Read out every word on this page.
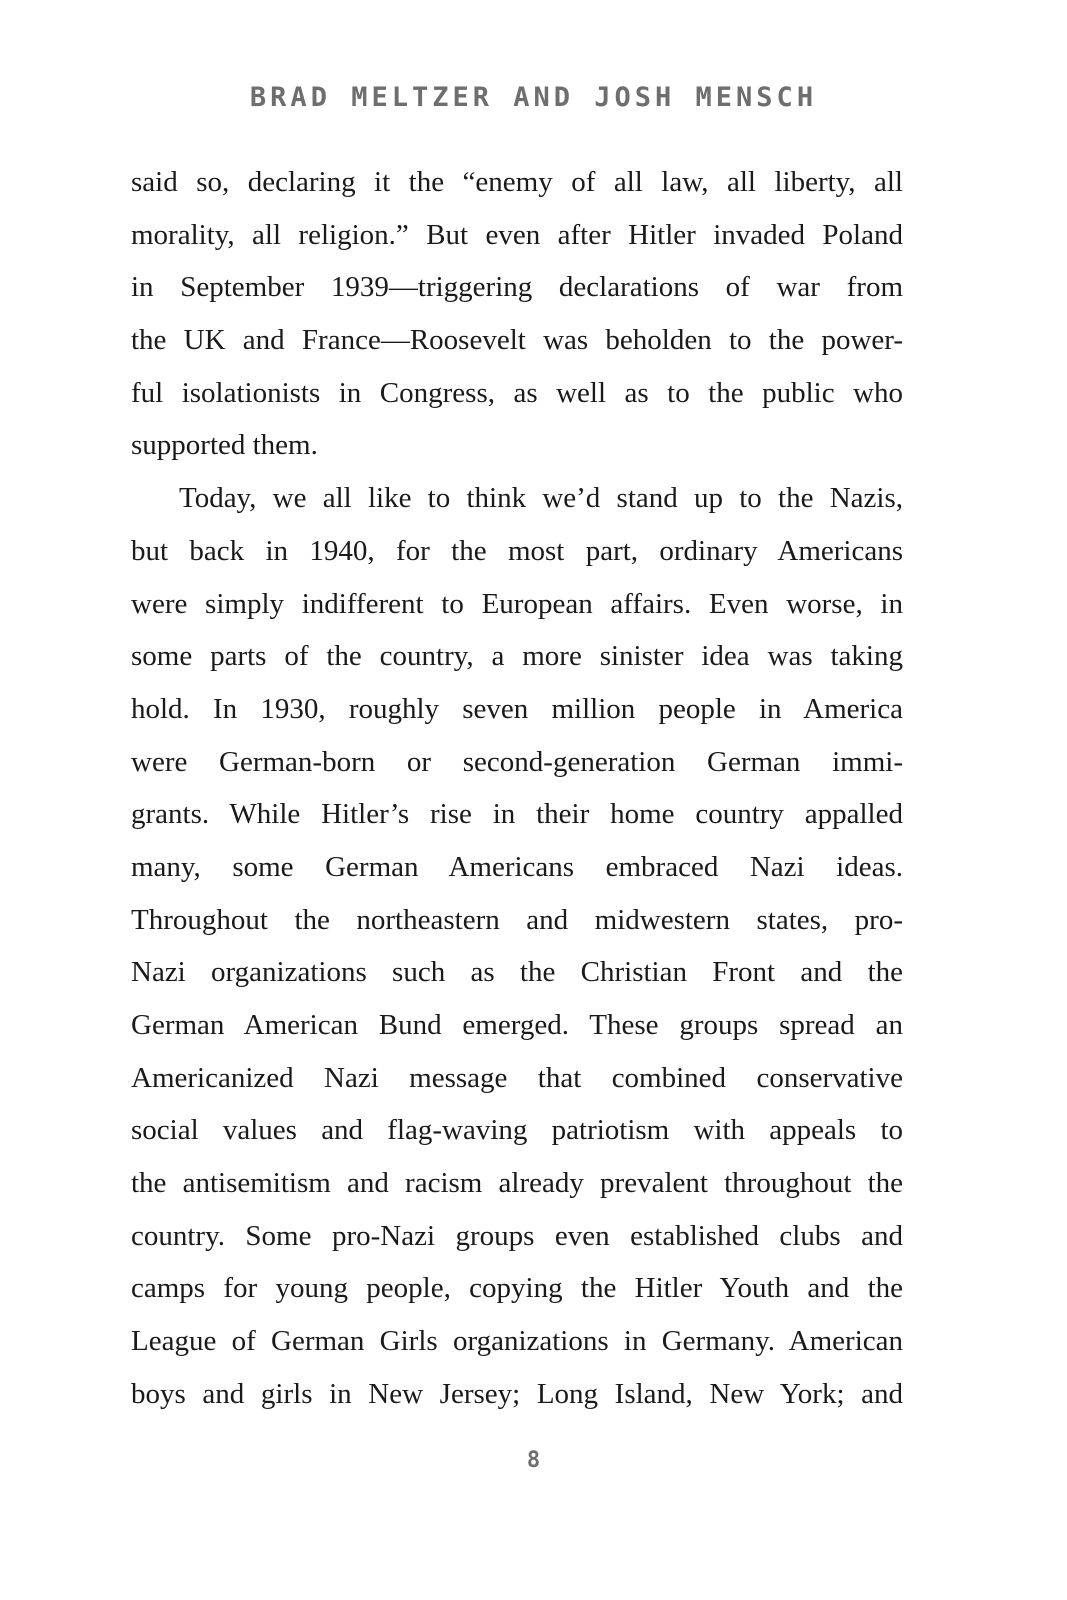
BRAD MELTZER AND JOSH MENSCH
said so, declaring it the “enemy of all law, all liberty, all
morality, all religion.” But even after Hitler invaded Poland
in September 1939—triggering declarations of war from
the UK and France—Roosevelt was beholden to the power-
ful isolationists in Congress, as well as to the public who
supported them.
Today, we all like to think we’d stand up to the Nazis,
but back in 1940, for the most part, ordinary Americans
were simply indifferent to European affairs. Even worse, in
some parts of the country, a more sinister idea was taking
hold. In 1930, roughly seven million people in America
were German-born or second-generation German immi-
grants. While Hitler’s rise in their home country appalled
many, some German Americans embraced Nazi ideas.
Throughout the northeastern and midwestern states, pro-
Nazi organizations such as the Christian Front and the
German American Bund emerged. These groups spread an
Americanized Nazi message that combined conservative
social values and flag-waving patriotism with appeals to
the antisemitism and racism already prevalent throughout the
country. Some pro-Nazi groups even established clubs and
camps for young people, copying the Hitler Youth and the
League of German Girls organizations in Germany. American
boys and girls in New Jersey; Long Island, New York; and
8
